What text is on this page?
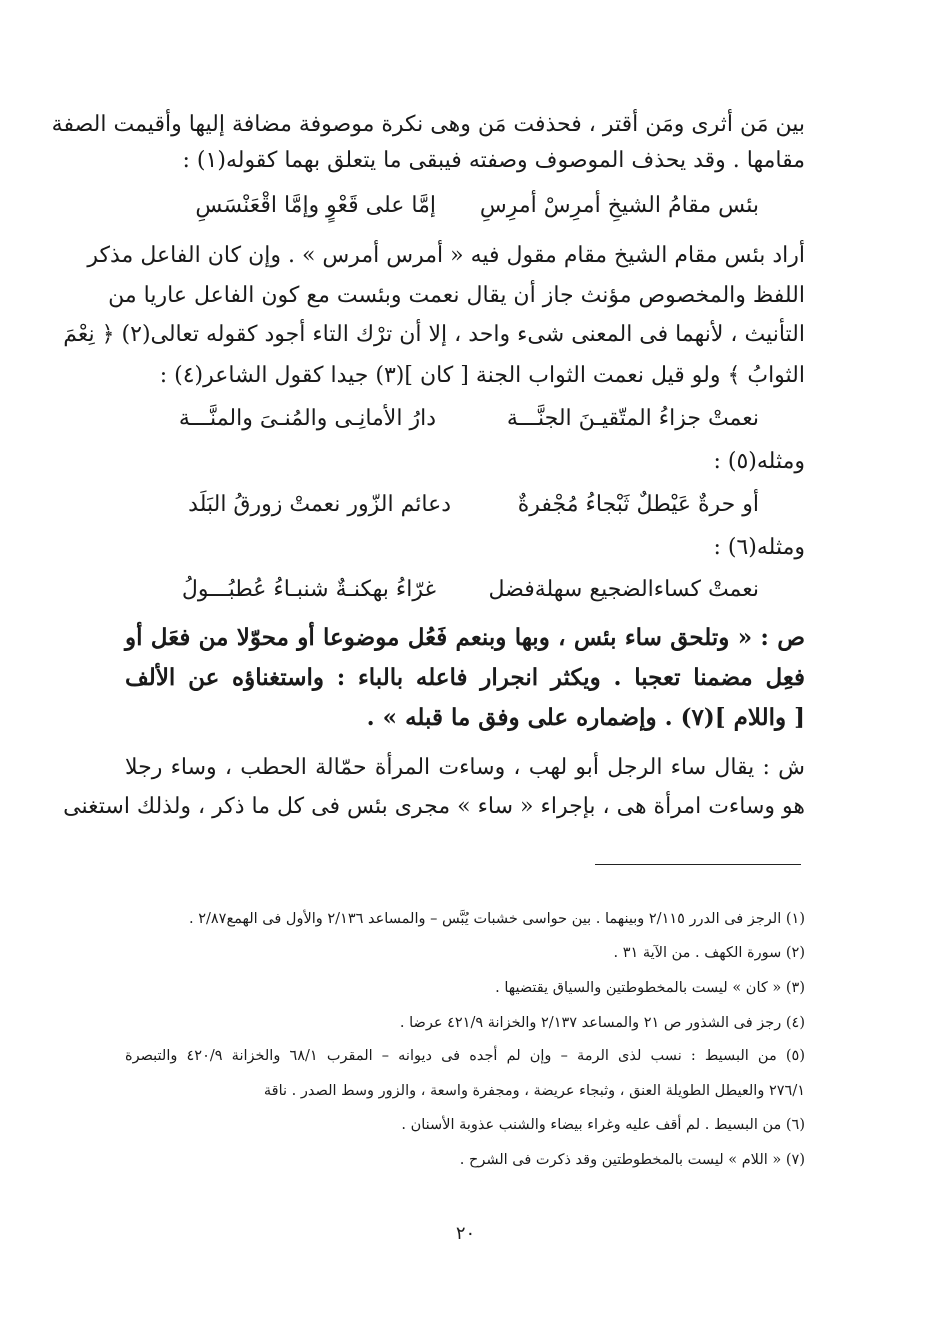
بين مَن أثرى ومَن أقتر ، فحذفت مَن وهى نكرة موصوفة مضافة إليها وأقيمت الصفة
مقامها . وقد يحذف الموصوف وصفته فيبقى ما يتعلق بهما كقوله(١) :
بئس مقامُ الشيخِ أمرِسْ أمرِسِ
إمَّا على قَعْوٍ وإمَّا اقْعَنْسَسِ
أراد بئس مقام الشيخ مقام مقول فيه « أمرس أمرس » . وإن كان الفاعل مذكر
اللفظ والمخصوص مؤنث جاز أن يقال نعمت وبئست مع كون الفاعل عاريا من
التأنيث ، لأنهما فى المعنى شىء واحد ، إلا أن ترْك التاء أجود كقوله تعالى(٢) ﴿ نِعْمَ
الثوابُ ﴾ ولو قيل نعمت الثواب الجنة [ كان ](٣) جيدا كقول الشاعر(٤) :
نعمتْ جزاءُ المتّقيـنَ الجنَّـــة
دارُ الأمانِـى والمُنـىَ والمنَّـــة
ومثله(٥) :
أو حرةٌ عَيْطلٌ ثَبْجاءُ مُجْفرةٌ
دعائم الزّور نعمتْ زورقُ البَلَد
ومثله(٦) :
نعمتْ كساءالضجيع سهلةفضل
غرّاءُ بهكنـةٌ شنبـاءُ عُطبُـــولُ
ص : « وتلحق ساء بئس ، وبها وبنعم فَعُل موضوعا أو محوّلا من فعَل أو
فعِل مضمنا تعجبا . ويكثر انجرار فاعله بالباء : واستغناؤه عن الألف
[ واللام ](٧) . وإضماره على وفق ما قبله » .
ش : يقال ساء الرجل أبو لهب ، وساءت المرأة حمّالة الحطب ، وساء رجلا
هو وساءت امرأة هى ، بإجراء « ساء » مجرى بئس فى كل ما ذكر ، ولذلك استغنى
(١) الرجز فى الدرر ٢/١١٥ وبينهما . بين حواسى خشبات يُبَّس – والمساعد ٢/١٣٦ والأول فى الهمع٢/٨٧ .
(٢) سورة الكهف . من الآية ٣١ .
(٣) « كان » ليست بالمخطوطتين والسياق يقتضيها .
(٤) رجز فى الشذور ص ٢١ والمساعد ٢/١٣٧ والخزانة ٤٢١/٩ عرضا .
(٥) من البسيط : نسب لذى الرمة – وإن لم أجده فى ديوانه – المقرب ٦٨/١ والخزانة ٤٢٠/٩ والتبصرة
٢٧٦/١ والعيطل الطويلة العنق ، وثبجاء عريضة ، ومجفرة واسعة ، والزور وسط الصدر . ناقة
(٦) من البسيط . لم أقف عليه وغراء بيضاء والشنب عذوبة الأسنان .
(٧) « اللام » ليست بالمخطوطتين وقد ذكرت فى الشرح .
٢٠
